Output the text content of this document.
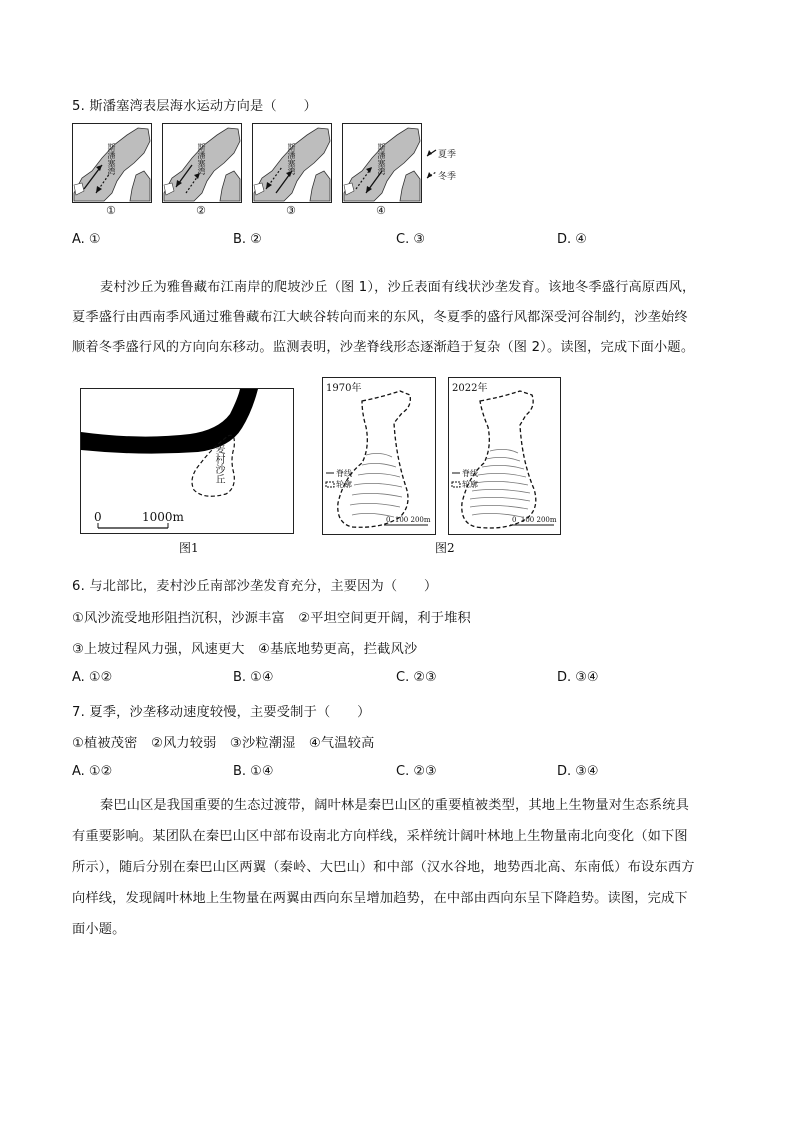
5. 斯潘塞湾表层海水运动方向是（　　）
斯潘塞湾	斯潘塞湾	斯潘塞湾	斯潘塞湾
①	②	③	④
夏季
冬季
A. ①	B. ②	C. ③	D. ④
麦村沙丘为雅鲁藏布江南岸的爬坡沙丘（图 1），沙丘表面有线状沙垄发育。该地冬季盛行高原西风，
夏季盛行由西南季风通过雅鲁藏布江大峡谷转向而来的东风，冬夏季的盛行风都深受河谷制约，沙垄始终
顺着冬季盛行风的方向向东移动。监测表明，沙垄脊线形态逐渐趋于复杂（图 2）。读图，完成下面小题。
麦村沙丘
0	1000m
图1
1970年	2022年
脊线
轮廓
脊线
轮廓
0  100 200m	0  100 200m
图2
6. 与北部比，麦村沙丘南部沙垄发育充分，主要因为（　　）
①风沙流受地形阻挡沉积，沙源丰富　②平坦空间更开阔，利于堆积
③上坡过程风力强，风速更大　④基底地势更高，拦截风沙
A. ①②	B. ①④	C. ②③	D. ③④
7. 夏季，沙垄移动速度较慢，主要受制于（　　）
①植被茂密　②风力较弱　③沙粒潮湿　④气温较高
A. ①②	B. ①④	C. ②③	D. ③④
秦巴山区是我国重要的生态过渡带，阔叶林是秦巴山区的重要植被类型，其地上生物量对生态系统具
有重要影响。某团队在秦巴山区中部布设南北方向样线，采样统计阔叶林地上生物量南北向变化（如下图
所示），随后分别在秦巴山区两翼（秦岭、大巴山）和中部（汉水谷地，地势西北高、东南低）布设东西方
向样线，发现阔叶林地上生物量在两翼由西向东呈增加趋势，在中部由西向东呈下降趋势。读图，完成下
面小题。
